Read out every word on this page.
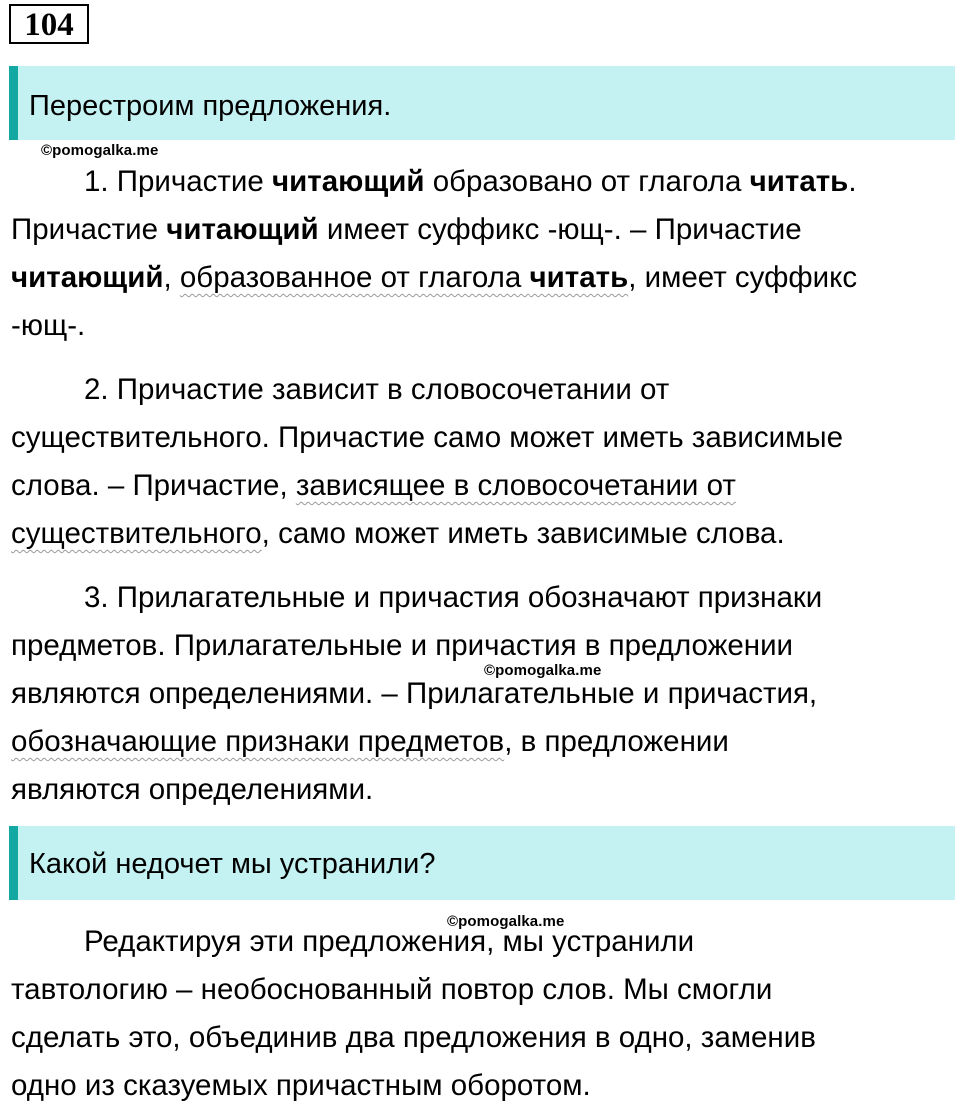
104
Перестроим предложения.
©pomogalka.me
1. Причастие читающий образовано от глагола читать.
Причастие читающий имеет суффикс -ющ-. – Причастие
читающий, образованное от глагола читать, имеет суффикс
-ющ-.
2. Причастие зависит в словосочетании от
существительного. Причастие само может иметь зависимые
слова. – Причастие, зависящее в словосочетании от
существительного, само может иметь зависимые слова.
3. Прилагательные и причастия обозначают признаки
предметов. Прилагательные и причастия в предложении
являются определениями. – Прилагательные и причастия,
обозначающие признаки предметов, в предложении
являются определениями.
©pomogalka.me
Какой недочет мы устранили?
©pomogalka.me
Редактируя эти предложения, мы устранили
тавтологию – необоснованный повтор слов. Мы смогли
сделать это, объединив два предложения в одно, заменив
одно из сказуемых причастным оборотом.
